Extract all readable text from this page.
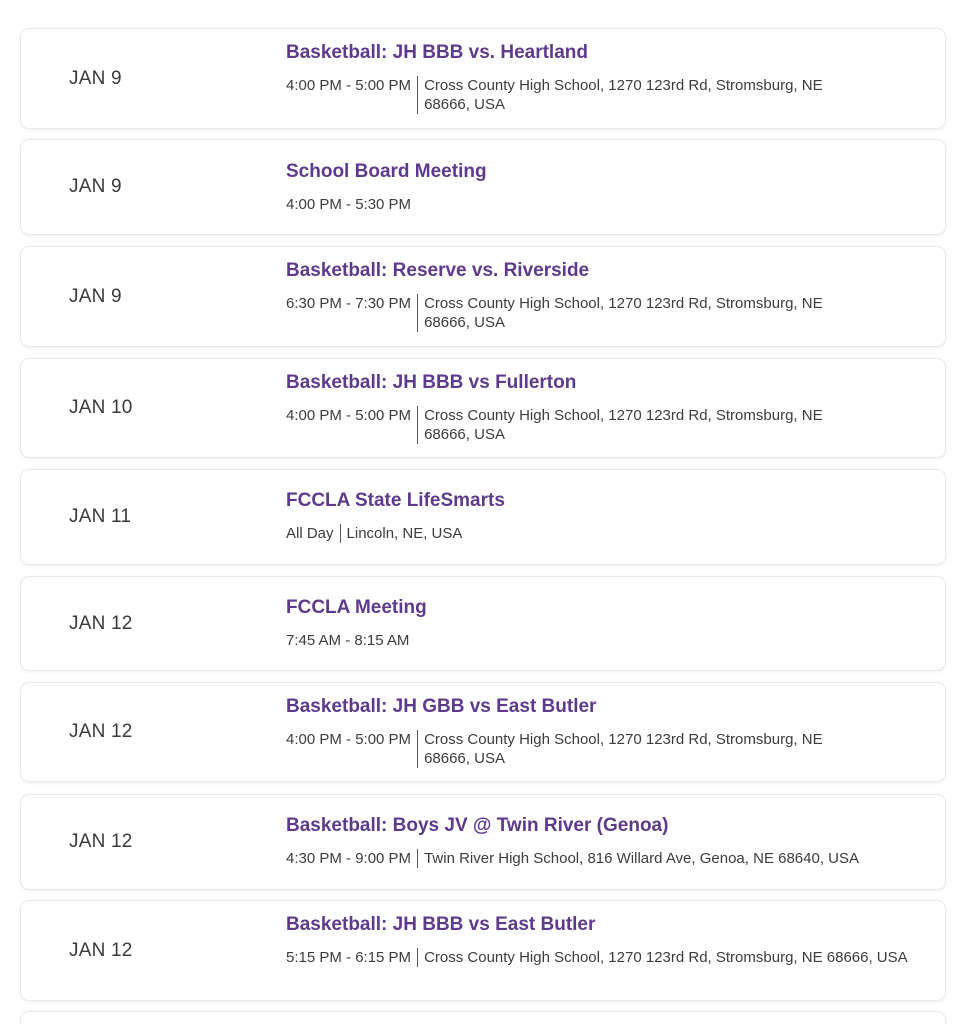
JAN 9
Basketball: JH BBB vs. Heartland
4:00 PM - 5:00 PM Cross County High School, 1270 123rd Rd, Stromsburg, NE 68666, USA
JAN 9
School Board Meeting
4:00 PM - 5:30 PM
JAN 9
Basketball: Reserve vs. Riverside
6:30 PM - 7:30 PM Cross County High School, 1270 123rd Rd, Stromsburg, NE 68666, USA
JAN 10
Basketball: JH BBB vs Fullerton
4:00 PM - 5:00 PM Cross County High School, 1270 123rd Rd, Stromsburg, NE 68666, USA
JAN 11
FCCLA State LifeSmarts
All Day Lincoln, NE, USA
JAN 12
FCCLA Meeting
7:45 AM - 8:15 AM
JAN 12
Basketball: JH GBB vs East Butler
4:00 PM - 5:00 PM Cross County High School, 1270 123rd Rd, Stromsburg, NE 68666, USA
JAN 12
Basketball: Boys JV @ Twin River (Genoa)
4:30 PM - 9:00 PM Twin River High School, 816 Willard Ave, Genoa, NE 68640, USA
JAN 12
Basketball: JH BBB vs East Butler
5:15 PM - 6:15 PM Cross County High School, 1270 123rd Rd, Stromsburg, NE 68666, USA
